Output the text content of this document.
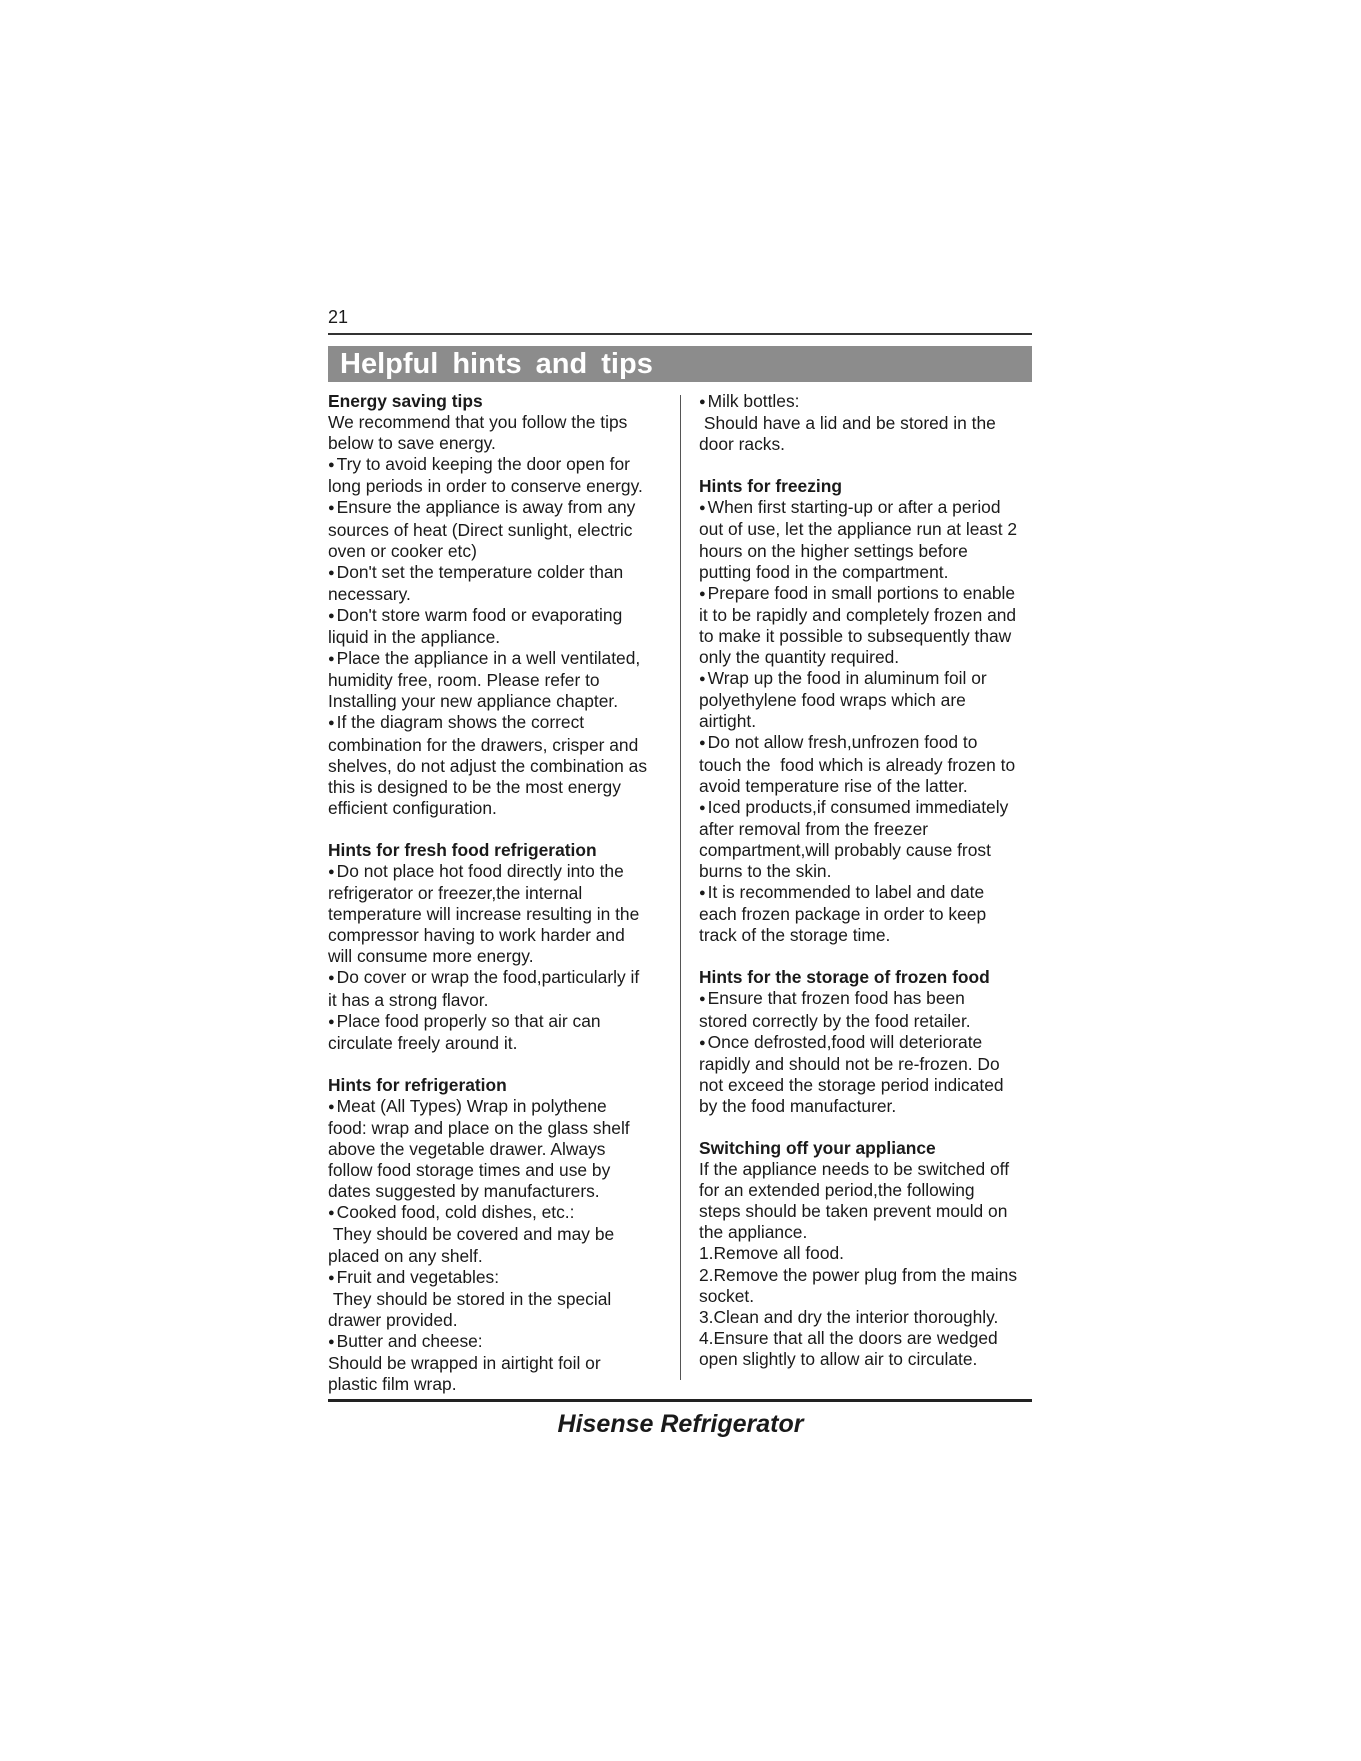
21
Helpful hints and tips

Energy saving tips

We recommend that you follow the tips

below to save energy.

● Try to avoid keeping the door open for

long periods in order to conserve energy.

● Ensure the appliance is away from any

sources of heat (Direct sunlight, electric

oven or cooker etc)

● Don't set the temperature colder than

necessary.

● Don't store warm food or evaporating

liquid in the appliance.

● Place the appliance in a well ventilated,

humidity free, room. Please refer to

Installing your new appliance chapter.

● If the diagram shows the correct

combination for the drawers, crisper and

shelves, do not adjust the combination as

this is designed to be the most energy

efficient configuration.

Hints for fresh food refrigeration

● Do not place hot food directly into the

refrigerator or freezer,the internal

temperature will increase resulting in the

compressor having to work harder and

will consume more energy.

● Do cover or wrap the food,particularly if

it has a strong flavor.

● Place food properly so that air can

circulate freely around it.

Hints for refrigeration

● Meat (All Types) Wrap in polythene

food: wrap and place on the glass shelf

above the vegetable drawer. Always

follow food storage times and use by

dates suggested by manufacturers.

● Cooked food, cold dishes, etc.:

They should be covered and may be

placed on any shelf.

● Fruit and vegetables:

They should be stored in the special

drawer provided.

● Butter and cheese:

Should be wrapped in airtight foil or

plastic film wrap.

● Milk bottles:

Should have a lid and be stored in the

door racks.

Hints for freezing

● When first starting-up or after a period

out of use, let the appliance run at least 2

hours on the higher settings before

putting food in the compartment.

● Prepare food in small portions to enable

it to be rapidly and completely frozen and

to make it possible to subsequently thaw

only the quantity required.

● Wrap up the food in aluminum foil or

polyethylene food wraps which are

airtight.

● Do not allow fresh,unfrozen food to

touch the  food which is already frozen to

avoid temperature rise of the latter.

● Iced products,if consumed immediately

after removal from the freezer

compartment,will probably cause frost

burns to the skin.

● It is recommended to label and date

each frozen package in order to keep

track of the storage time.

Hints for the storage of frozen food

● Ensure that frozen food has been

stored correctly by the food retailer.

● Once defrosted,food will deteriorate

rapidly and should not be re-frozen. Do

not exceed the storage period indicated

by the food manufacturer.

Switching off your appliance

If the appliance needs to be switched off

for an extended period,the following

steps should be taken prevent mould on

the appliance.

1.Remove all food.

2.Remove the power plug from the mains

socket.

3.Clean and dry the interior thoroughly.

4.Ensure that all the doors are wedged

open slightly to allow air to circulate.

Hisense Refrigerator
